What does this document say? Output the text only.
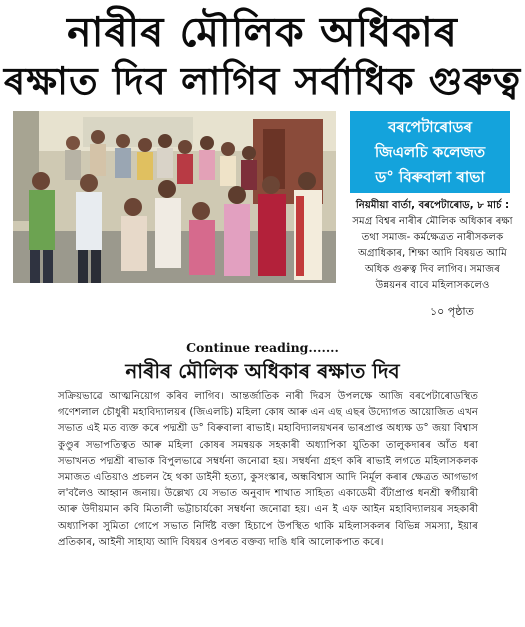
নাৰীৰ মৌলিক অধিকাৰ
ৰক্ষাত দিব লাগিব সৰ্বাধিক গুৰুত্ব
বৰপেটাৰোডৰ
জিএলচি কলেজত
ড° বিৰুবালা ৰাভা
নিয়মীয়া বাৰ্তা, বৰপেটাৰোড, ৮ মাৰ্চ : সমগ্ৰ বিশ্বৰ নাৰীৰ মৌলিক অধিকাৰ ৰক্ষা তথা সমাজ- কৰ্মক্ষেত্ৰত নাৰীসকলক অগ্ৰাধিকাৰ, শিক্ষা আদি বিষয়ত আমি অধিক গুৰুত্ব দিব লাগিব। সমাজৰ উন্নয়নৰ বাবে মহিলাসকলেও
১০ পৃষ্ঠাত
Continue reading.......
নাৰীৰ মৌলিক অধিকাৰ ৰক্ষাত দিব
সক্ৰিয়ভাৱে আত্মনিয়োগ কৰিব লাগিব। আন্তৰ্জাতিক নাৰী দিৱস উপলক্ষে আজি বৰপেটাৰোডস্থিত গণেশলাল চৌধুৰী মহাবিদ্যালয়ৰ (জিএলচি) মহিলা কোষ আৰু এন এছ এছৰ উদ্যোগত আয়োজিত এখন সভাত এই মত ব্যক্ত কৰে পদ্মশ্ৰী ড° বিৰুবালা ৰাভাই। মহাবিদ্যালয়খনৰ ভাৰপ্ৰাপ্ত অধ্যক্ষ ড° জয়া বিশ্বাস কুণ্ডুৰ সভাপতিত্বত আৰু মহিলা কোষৰ সমন্বয়ক সহকাৰী অধ্যাপিকা যুতিকা তালুকদাৰৰ আঁত ধৰা সভাখনত পদ্মশ্ৰী ৰাভাক বিপুলভাৱে সম্বৰ্ধনা জনোৱা হয়। সম্বৰ্ধনা গ্ৰহণ কৰি ৰাভাই লগতে মহিলাসকলক সমাজত এতিয়াও প্ৰচলন হৈ থকা ডাইনী হত্যা, কুসংস্কাৰ, অন্ধবিশ্বাস আদি নিৰ্মূল কৰাৰ ক্ষেত্ৰত আগভাগ ল'বলৈও আহ্বান জনায়। উল্লেখ্য যে সভাত অনুবাদ শাখাত সাহিত্য একাডেমী বঁটাপ্ৰাপ্ত ধনশ্ৰী স্বৰ্গীয়াৰী আৰু উদীয়মান কবি মিতালী ভট্টাচাৰ্যকো সম্বৰ্ধনা জনোৱা হয়। এন ই এফ আইন মহাবিদ্যালয়ৰ সহকাৰী অধ্যাপিকা সুমিতা গোপে সভাত নিৰ্দিষ্ট বক্তা হিচাপে উপস্থিত থাকি মহিলাসকলৰ বিভিন্ন সমস্যা, ইয়াৰ প্ৰতিকাৰ, আইনী সাহায্য আদি বিষয়ৰ ওপৰত বক্তব্য দাঙি ধৰি আলোকপাত কৰে।
